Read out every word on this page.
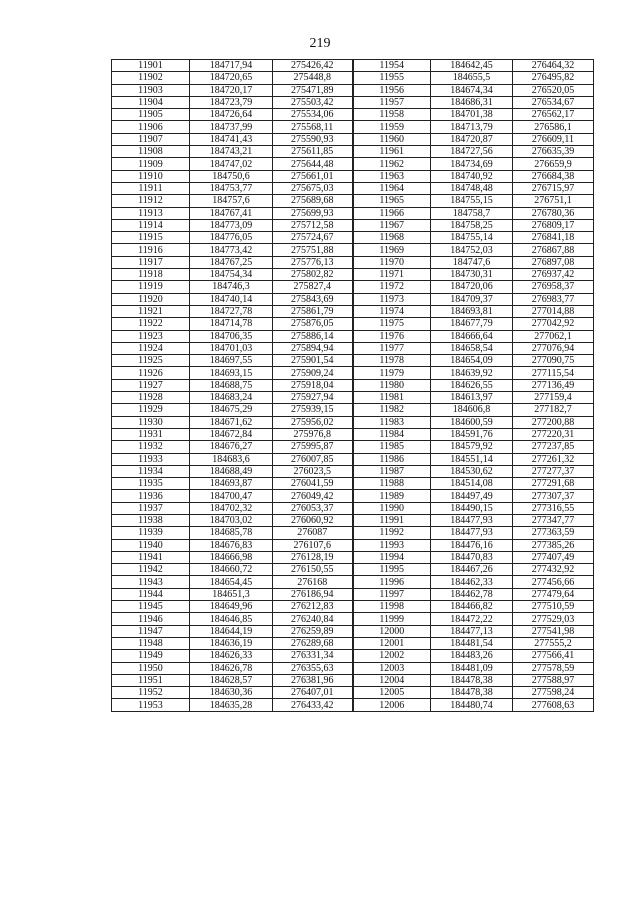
219
11901	184717,94	275426,42	11954	184642,45	276464,32
11902	184720,65	275448,8	11955	184655,5	276495,82
11903	184720,17	275471,89	11956	184674,34	276520,05
11904	184723,79	275503,42	11957	184686,31	276534,67
11905	184726,64	275534,06	11958	184701,38	276562,17
11906	184737,99	275568,11	11959	184713,79	276586,1
11907	184741,43	275590,93	11960	184720,87	276609,11
11908	184743,21	275611,85	11961	184727,56	276635,39
11909	184747,02	275644,48	11962	184734,69	276659,9
11910	184750,6	275661,01	11963	184740,92	276684,38
11911	184753,77	275675,03	11964	184748,48	276715,97
11912	184757,6	275689,68	11965	184755,15	276751,1
11913	184767,41	275699,93	11966	184758,7	276780,36
11914	184773,09	275712,58	11967	184758,25	276809,17
11915	184776,05	275724,67	11968	184755,14	276841,18
11916	184773,42	275751,88	11969	184752,03	276867,88
11917	184767,25	275776,13	11970	184747,6	276897,08
11918	184754,34	275802,82	11971	184730,31	276937,42
11919	184746,3	275827,4	11972	184720,06	276958,37
11920	184740,14	275843,69	11973	184709,37	276983,77
11921	184727,78	275861,79	11974	184693,81	277014,88
11922	184714,78	275876,05	11975	184677,79	277042,92
11923	184706,35	275886,14	11976	184666,64	277062,1
11924	184701,03	275894,94	11977	184658,54	277076,94
11925	184697,55	275901,54	11978	184654,09	277090,75
11926	184693,15	275909,24	11979	184639,92	277115,54
11927	184688,75	275918,04	11980	184626,55	277136,49
11928	184683,24	275927,94	11981	184613,97	277159,4
11929	184675,29	275939,15	11982	184606,8	277182,7
11930	184671,62	275956,02	11983	184600,59	277200,88
11931	184672,84	275976,8	11984	184591,76	277220,31
11932	184676,27	275995,87	11985	184579,92	277237,85
11933	184683,6	276007,85	11986	184551,14	277261,32
11934	184688,49	276023,5	11987	184530,62	277277,37
11935	184693,87	276041,59	11988	184514,08	277291,68
11936	184700,47	276049,42	11989	184497,49	277307,37
11937	184702,32	276053,37	11990	184490,15	277316,55
11938	184703,02	276060,92	11991	184477,93	277347,77
11939	184685,78	276087	11992	184477,93	277363,59
11940	184676,83	276107,6	11993	184476,16	277385,26
11941	184666,98	276128,19	11994	184470,83	277407,49
11942	184660,72	276150,55	11995	184467,26	277432,92
11943	184654,45	276168	11996	184462,33	277456,66
11944	184651,3	276186,94	11997	184462,78	277479,64
11945	184649,96	276212,83	11998	184466,82	277510,59
11946	184646,85	276240,84	11999	184472,22	277529,03
11947	184644,19	276259,89	12000	184477,13	277541,98
11948	184636,19	276289,68	12001	184481,54	277555,2
11949	184626,33	276331,34	12002	184483,26	277566,41
11950	184626,78	276355,63	12003	184481,09	277578,59
11951	184628,57	276381,96	12004	184478,38	277588,97
11952	184630,36	276407,01	12005	184478,38	277598,24
11953	184635,28	276433,42	12006	184480,74	277608,63
